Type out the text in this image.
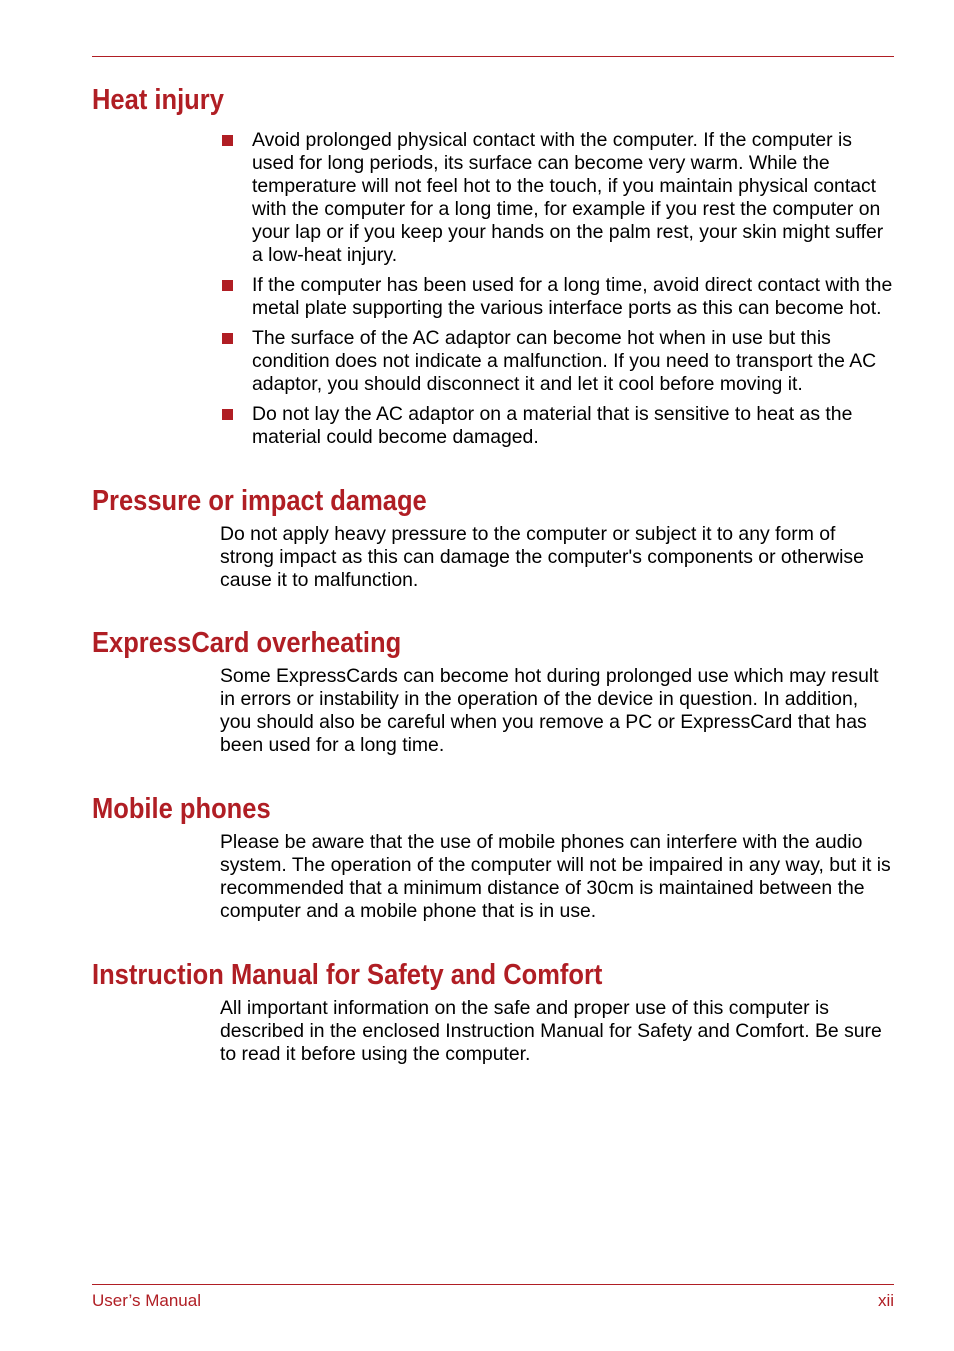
Heat injury
Avoid prolonged physical contact with the computer. If the computer is used for long periods, its surface can become very warm. While the temperature will not feel hot to the touch, if you maintain physical contact with the computer for a long time, for example if you rest the computer on your lap or if you keep your hands on the palm rest, your skin might suffer a low-heat injury.
If the computer has been used for a long time, avoid direct contact with the metal plate supporting the various interface ports as this can become hot.
The surface of the AC adaptor can become hot when in use but this condition does not indicate a malfunction. If you need to transport the AC adaptor, you should disconnect it and let it cool before moving it.
Do not lay the AC adaptor on a material that is sensitive to heat as the material could become damaged.
Pressure or impact damage

Do not apply heavy pressure to the computer or subject it to any form of strong impact as this can damage the computer's components or otherwise cause it to malfunction.

ExpressCard overheating

Some ExpressCards can become hot during prolonged use which may result in errors or instability in the operation of the device in question. In addition, you should also be careful when you remove a PC or ExpressCard that has been used for a long time.

Mobile phones

Please be aware that the use of mobile phones can interfere with the audio system. The operation of the computer will not be impaired in any way, but it is recommended that a minimum distance of 30cm is maintained between the computer and a mobile phone that is in use.

Instruction Manual for Safety and Comfort

All important information on the safe and proper use of this computer is described in the enclosed Instruction Manual for Safety and Comfort. Be sure to read it before using the computer.

User’s Manual	xii
